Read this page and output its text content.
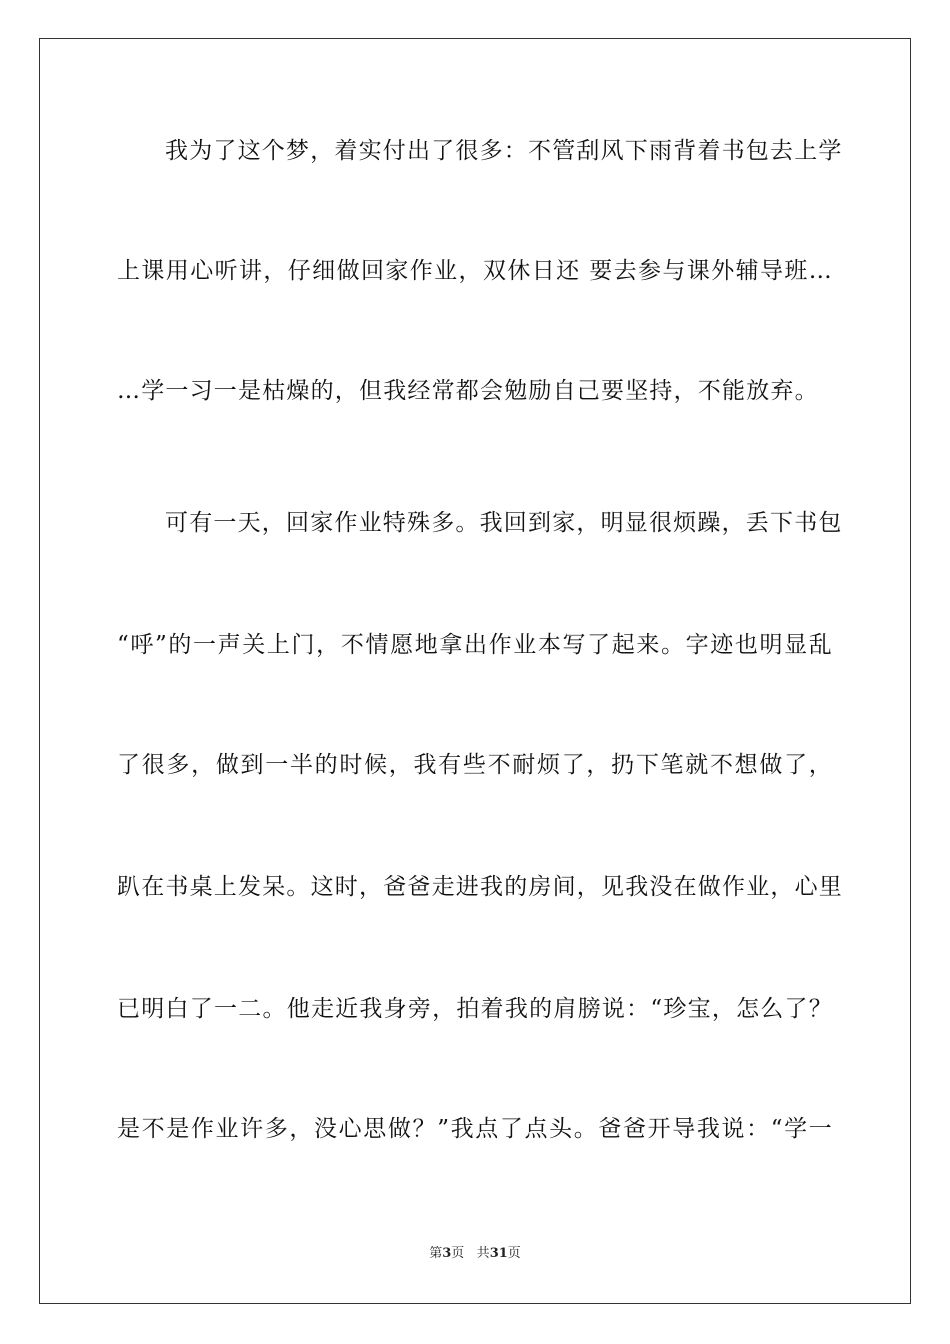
我为了这个梦，着实付出了很多：不管刮风下雨背着书包去上学
上课用心听讲，仔细做回家作业，双休日还 要去参与课外辅导班…
…学一习一是枯燥的，但我经常都会勉励自己要坚持，不能放弃。
可有一天，回家作业特殊多。我回到家，明显很烦躁，丢下书包
“呼”的一声关上门，不情愿地拿出作业本写了起来。字迹也明显乱
了很多，做到一半的时候，我有些不耐烦了，扔下笔就不想做了，
趴在书桌上发呆。这时，爸爸走进我的房间，见我没在做作业，心里
已明白了一二。他走近我身旁，拍着我的肩膀说：“珍宝，怎么了？
是不是作业许多，没心思做？”我点了点头。爸爸开导我说：“学一
第3页 共31页
